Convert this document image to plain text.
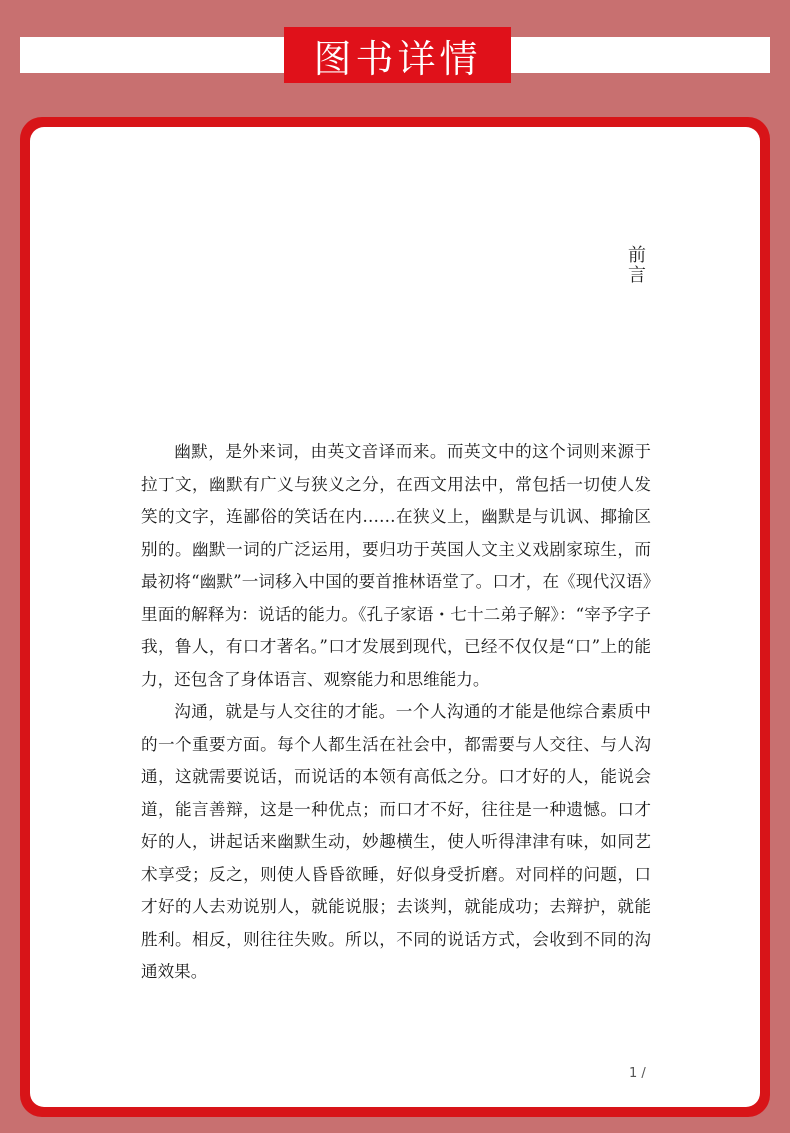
图书详情
前言

幽默，是外来词，由英文音译而来。而英文中的这个词则来源于拉丁文，幽默有广义与狭义之分，在西文用法中，常包括一切使人发笑的文字，连鄙俗的笑话在内……在狭义上，幽默是与讥讽、揶揄区别的。幽默一词的广泛运用，要归功于英国人文主义戏剧家琼生，而最初将“幽默”一词移入中国的要首推林语堂了。口才，在《现代汉语》里面的解释为：说话的能力。《孔子家语・七十二弟子解》：“宰予字子我，鲁人，有口才著名。”口才发展到现代，已经不仅仅是“口”上的能力，还包含了身体语言、观察能力和思维能力。

沟通，就是与人交往的才能。一个人沟通的才能是他综合素质中的一个重要方面。每个人都生活在社会中，都需要与人交往、与人沟通，这就需要说话，而说话的本领有高低之分。口才好的人，能说会道，能言善辩，这是一种优点；而口才不好，往往是一种遗憾。口才好的人，讲起话来幽默生动，妙趣横生，使人听得津津有味，如同艺术享受；反之，则使人昏昏欲睡，好似身受折磨。对同样的问题，口才好的人去劝说别人，就能说服；去谈判，就能成功；去辩护，就能胜利。相反，则往往失败。所以，不同的说话方式，会收到不同的沟通效果。

1 /
